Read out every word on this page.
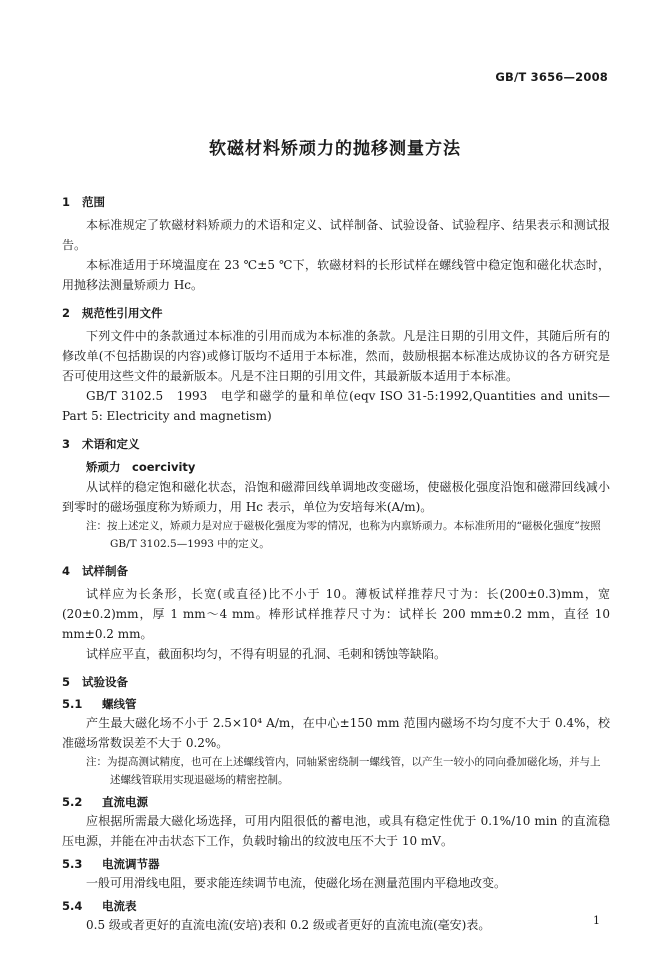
GB/T 3656—2008
软磁材料矫顽力的抛移测量方法
1 范围

本标准规定了软磁材料矫顽力的术语和定义、试样制备、试验设备、试验程序、结果表示和测试报告。

本标准适用于环境温度在 23 ℃±5 ℃下，软磁材料的长形试样在螺线管中稳定饱和磁化状态时，用抛移法测量矫顽力 Hc。

2 规范性引用文件

下列文件中的条款通过本标准的引用而成为本标准的条款。凡是注日期的引用文件，其随后所有的修改单(不包括勘误的内容)或修订版均不适用于本标准，然而，鼓励根据本标准达成协议的各方研究是否可使用这些文件的最新版本。凡是不注日期的引用文件，其最新版本适用于本标准。

GB/T 3102.5　1993　电学和磁学的量和单位(eqv ISO 31-5:1992,Quantities and units—Part 5: Electricity and magnetism)

3 术语和定义
矫顽力　coercivity

从试样的稳定饱和磁化状态，沿饱和磁滞回线单调地改变磁场，使磁极化强度沿饱和磁滞回线减小到零时的磁场强度称为矫顽力，用 Hc 表示，单位为安培每米(A/m)。

注：按上述定义，矫顽力是对应于磁极化强度为零的情况，也称为内禀矫顽力。本标准所用的“磁极化强度”按照 GB/T 3102.5—1993 中的定义。
4 试样制备

试样应为长条形，长宽(或直径)比不小于 10。薄板试样推荐尺寸为：长(200±0.3)mm，宽(20±0.2)mm，厚 1 mm～4 mm。棒形试样推荐尺寸为：试样长 200 mm±0.2 mm，直径 10 mm±0.2 mm。

试样应平直，截面积均匀，不得有明显的孔洞、毛刺和锈蚀等缺陷。

5 试验设备
5.1 螺线管

产生最大磁化场不小于 2.5×10⁴ A/m，在中心±150 mm 范围内磁场不均匀度不大于 0.4%，校准磁场常数误差不大于 0.2%。

注：为提高测试精度，也可在上述螺线管内，同轴紧密绕制一螺线管，以产生一较小的同向叠加磁化场，并与上述螺线管联用实现退磁场的精密控制。
5.2 直流电源

应根据所需最大磁化场选择，可用内阻很低的蓄电池，或具有稳定性优于 0.1%/10 min 的直流稳压电源，并能在冲击状态下工作，负载时输出的纹波电压不大于 10 mV。

5.3 电流调节器

一般可用滑线电阻，要求能连续调节电流，使磁化场在测量范围内平稳地改变。

5.4 电流表

0.5 级或者更好的直流电流(安培)表和 0.2 级或者更好的直流电流(毫安)表。	1
